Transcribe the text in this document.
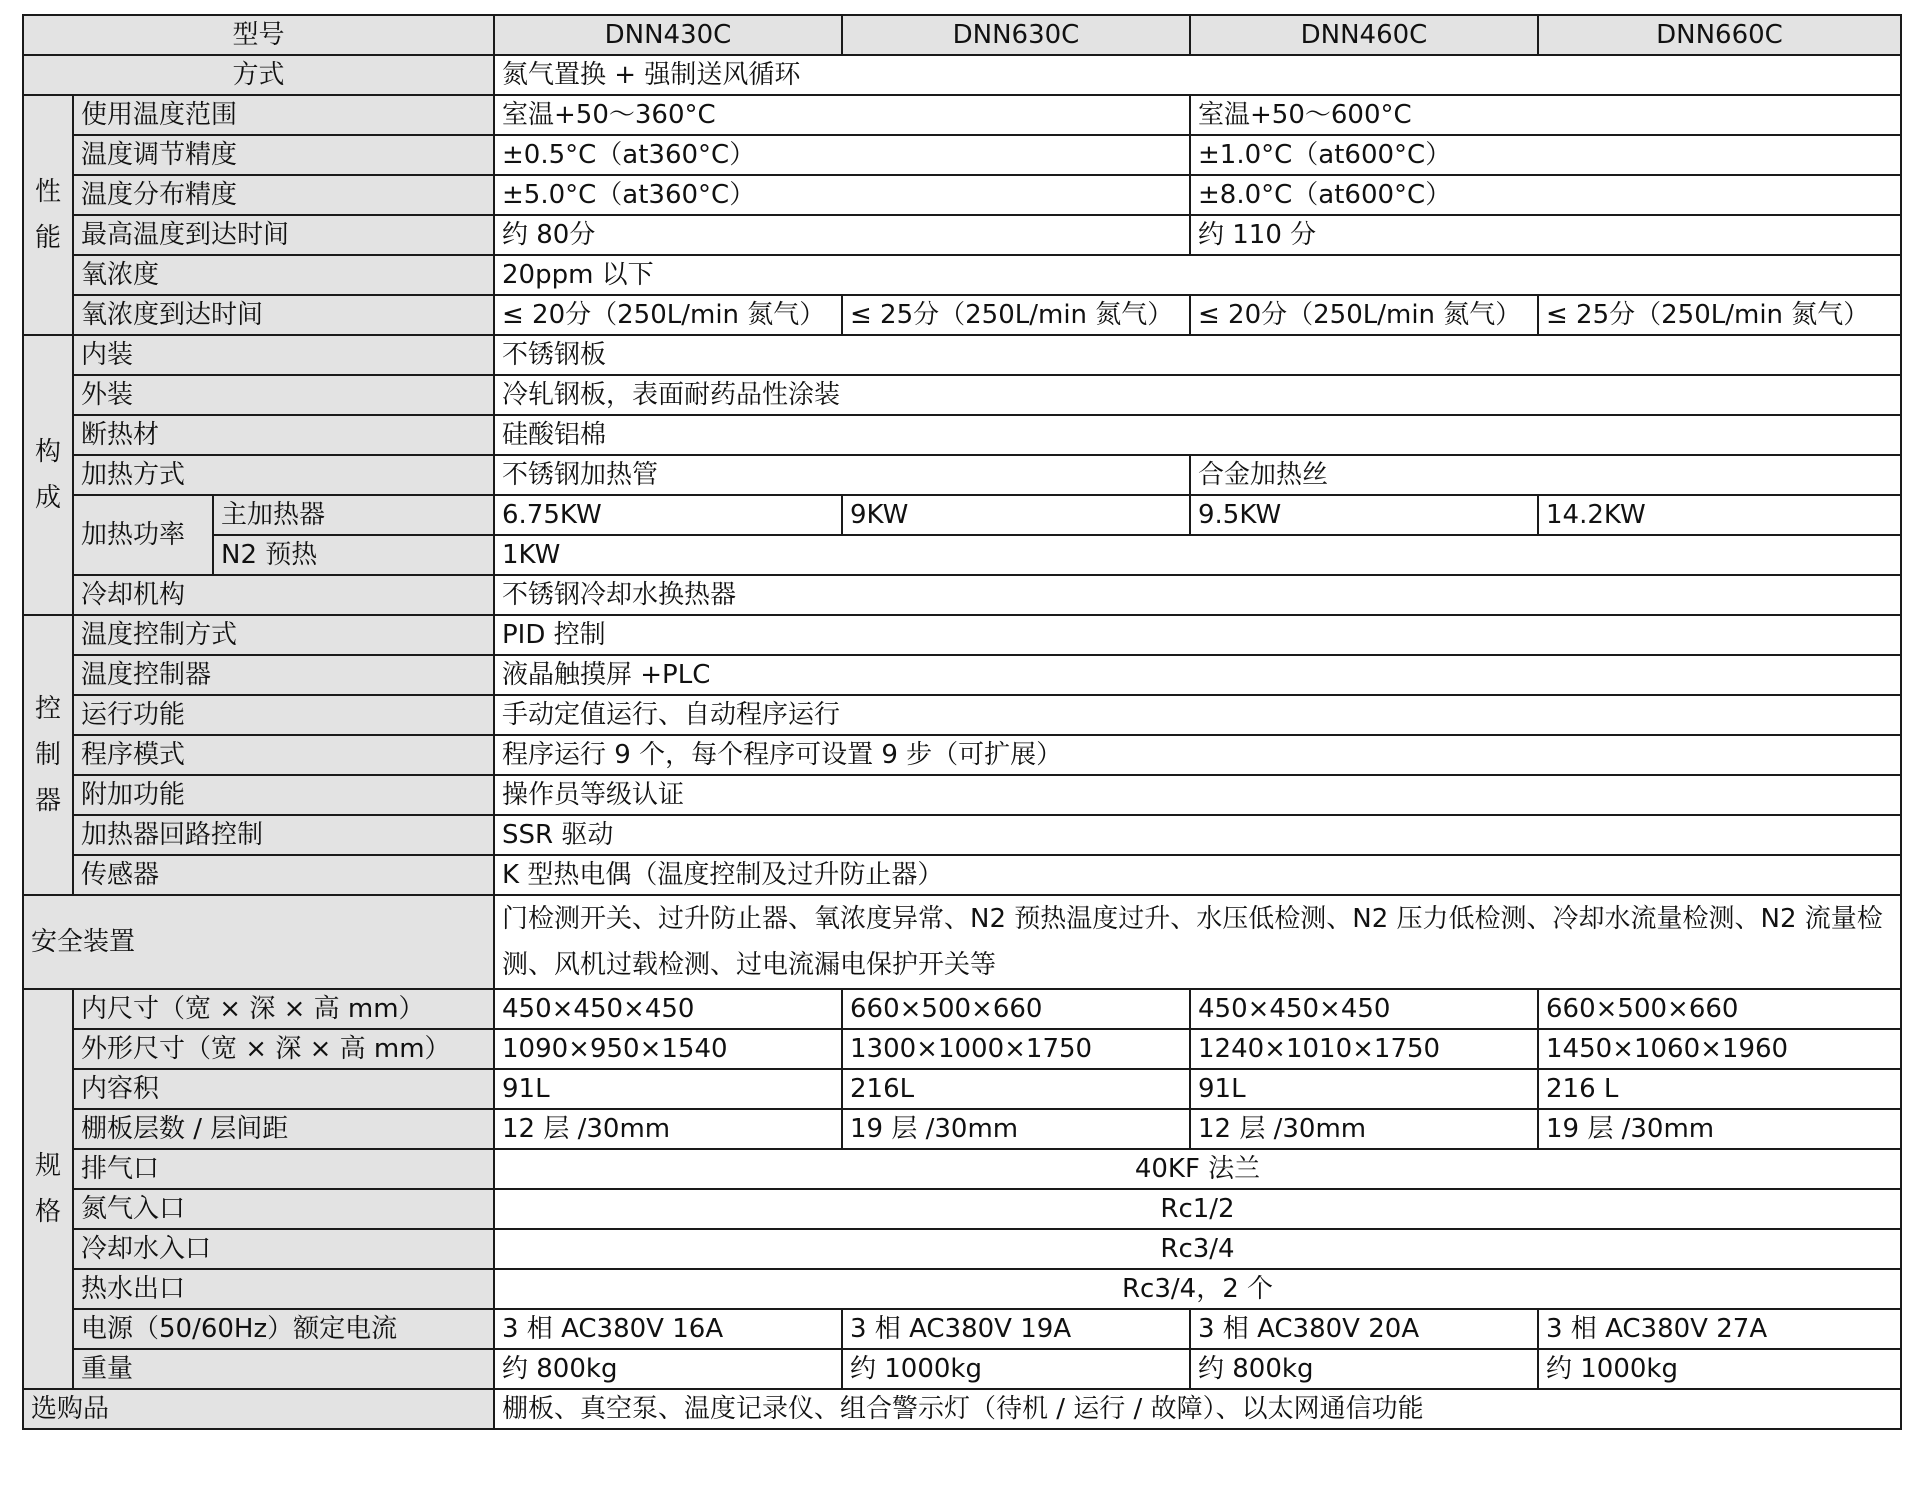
型号			DNN430C	DNN630C	DNN460C	DNN660C
方式			氮气置换 + 强制送风循环			
性能	使用温度范围		室温+50～360°C		室温+50～600°C	
	温度调节精度		±0.5°C（at360°C）		±1.0°C（at600°C）	
	温度分布精度		±5.0°C（at360°C）		±8.0°C（at600°C）	
	最高温度到达时间		约 80分		约 110 分	
	氧浓度		20ppm 以下			
	氧浓度到达时间		≤ 20分（250L/min 氮气）	≤ 25分（250L/min 氮气）	≤ 20分（250L/min 氮气）	≤ 25分（250L/min 氮气）
构成	内装		不锈钢板			
	外装		冷轧钢板，表面耐药品性涂装			
	断热材		硅酸铝棉			
	加热方式		不锈钢加热管		合金加热丝	
	加热功率	主加热器	6.75KW	9KW	9.5KW	14.2KW
		N2 预热	1KW			
	冷却机构		不锈钢冷却水换热器			
控制器	温度控制方式		PID 控制			
	温度控制器		液晶触摸屏 +PLC			
	运行功能		手动定值运行、自动程序运行			
	程序模式		程序运行 9 个，每个程序可设置 9 步（可扩展）			
	附加功能		操作员等级认证			
	加热器回路控制		SSR 驱动			
	传感器		K 型热电偶（温度控制及过升防止器）			
安全装置			门检测开关、过升防止器、氧浓度异常、N2 预热温度过升、水压低检测、N2 压力低检测、冷却水流量检测、N2 流量检测、风机过载检测、过电流漏电保护开关等			
规格	内尺寸（宽 × 深 × 高 mm）		450×450×450	660×500×660	450×450×450	660×500×660
	外形尺寸（宽 × 深 × 高 mm）		1090×950×1540	1300×1000×1750	1240×1010×1750	1450×1060×1960
	内容积		91L	216L	91L	216 L
	棚板层数 / 层间距		12 层 /30mm	19 层 /30mm	12 层 /30mm	19 层 /30mm
	排气口		40KF 法兰			
	氮气入口		Rc1/2			
	冷却水入口		Rc3/4			
	热水出口		Rc3/4，2 个			
	电源（50/60Hz）额定电流		3 相 AC380V 16A	3 相 AC380V 19A	3 相 AC380V 20A	3 相 AC380V 27A
	重量		约 800kg	约 1000kg	约 800kg	约 1000kg
选购品			棚板、真空泵、温度记录仪、组合警示灯（待机 / 运行 / 故障）、以太网通信功能			
